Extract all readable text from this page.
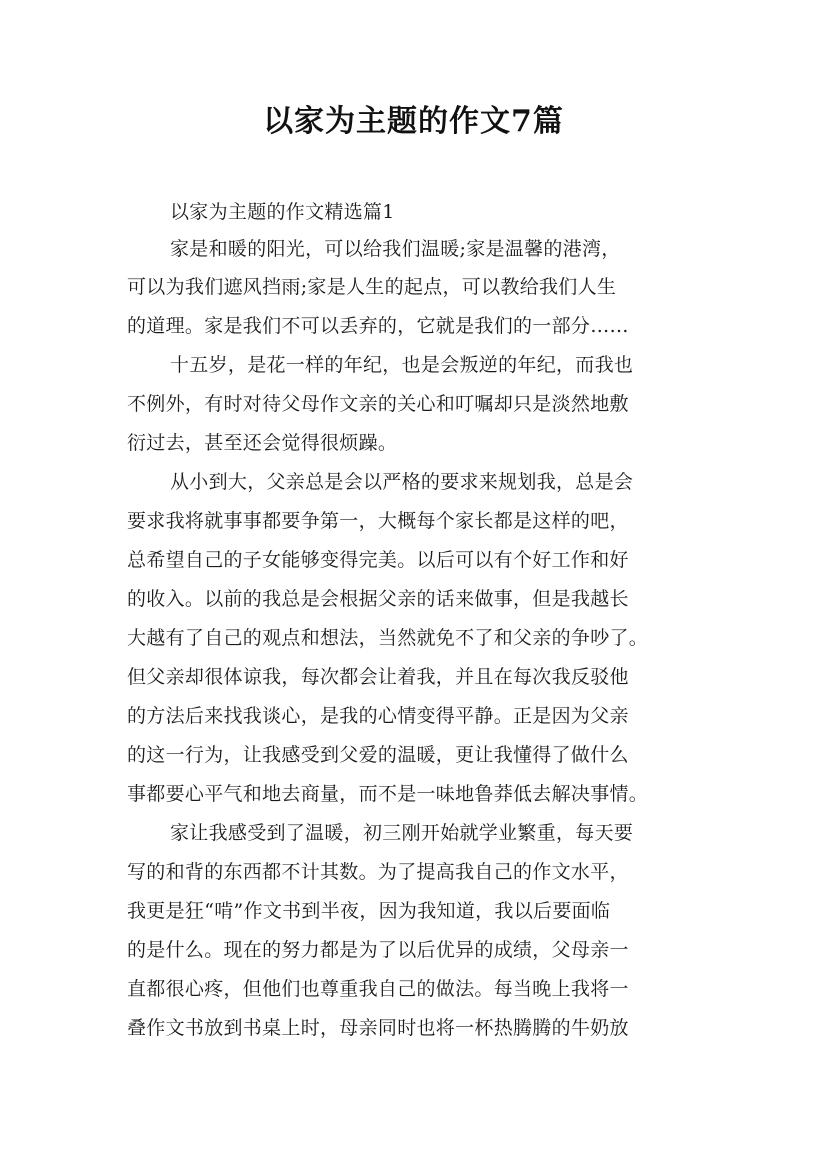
以家为主题的作文7篇
以家为主题的作文精选篇1
家是和暖的阳光，可以给我们温暖;家是温馨的港湾，
可以为我们遮风挡雨;家是人生的起点，可以教给我们人生
的道理。家是我们不可以丢弃的，它就是我们的一部分……
十五岁，是花一样的年纪，也是会叛逆的年纪，而我也
不例外，有时对待父母作文亲的关心和叮嘱却只是淡然地敷
衍过去，甚至还会觉得很烦躁。
从小到大，父亲总是会以严格的要求来规划我，总是会
要求我将就事事都要争第一，大概每个家长都是这样的吧，
总希望自己的子女能够变得完美。以后可以有个好工作和好
的收入。以前的我总是会根据父亲的话来做事，但是我越长
大越有了自己的观点和想法，当然就免不了和父亲的争吵了。
但父亲却很体谅我，每次都会让着我，并且在每次我反驳他
的方法后来找我谈心，是我的心情变得平静。正是因为父亲
的这一行为，让我感受到父爱的温暖，更让我懂得了做什么
事都要心平气和地去商量，而不是一味地鲁莽低去解决事情。
家让我感受到了温暖，初三刚开始就学业繁重，每天要
写的和背的东西都不计其数。为了提高我自己的作文水平，
我更是狂“啃”作文书到半夜，因为我知道，我以后要面临
的是什么。现在的努力都是为了以后优异的成绩，父母亲一
直都很心疼，但他们也尊重我自己的做法。每当晚上我将一
叠作文书放到书桌上时，母亲同时也将一杯热腾腾的牛奶放
